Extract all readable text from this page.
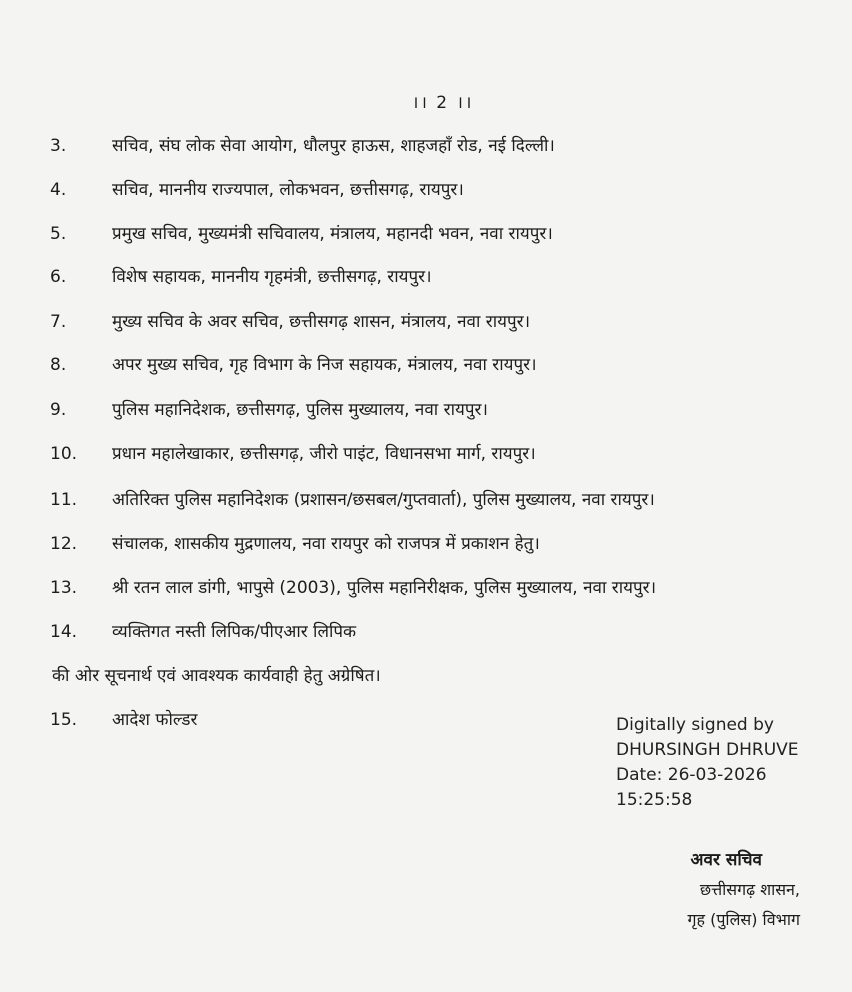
।। 2 ।।
3.	सचिव, संघ लोक सेवा आयोग, धौलपुर हाऊस, शाहजहाँ रोड, नई दिल्ली।
4.	सचिव, माननीय राज्यपाल, लोकभवन, छत्तीसगढ़, रायपुर।
5.	प्रमुख सचिव, मुख्यमंत्री सचिवालय, मंत्रालय, महानदी भवन, नवा रायपुर।
6.	विशेष सहायक, माननीय गृहमंत्री, छत्तीसगढ़, रायपुर।
7.	मुख्य सचिव के अवर सचिव, छत्तीसगढ़ शासन, मंत्रालय, नवा रायपुर।
8.	अपर मुख्य सचिव, गृह विभाग के निज सहायक, मंत्रालय, नवा रायपुर।
9.	पुलिस महानिदेशक, छत्तीसगढ़, पुलिस मुख्यालय, नवा रायपुर।
10. प्रधान महालेखाकार, छत्तीसगढ़, जीरो पाइंट, विधानसभा मार्ग, रायपुर।
11. अतिरिक्त पुलिस महानिदेशक (प्रशासन/छसबल/गुप्तवार्ता), पुलिस मुख्यालय, नवा रायपुर।
12. संचालक, शासकीय मुद्रणालय, नवा रायपुर को राजपत्र में प्रकाशन हेतु।
13. श्री रतन लाल डांगी, भापुसे (2003), पुलिस महानिरीक्षक, पुलिस मुख्यालय, नवा रायपुर।
14. व्यक्तिगत नस्ती लिपिक/पीएआर लिपिक
की ओर सूचनार्थ एवं आवश्यक कार्यवाही हेतु अग्रेषित।
15. आदेश फोल्डर	Digitally signed by
DHURSINGH DHRUVE
Date: 26-03-2026
15:25:58
अवर सचिव
छत्तीसगढ़ शासन,
गृह (पुलिस) विभाग
